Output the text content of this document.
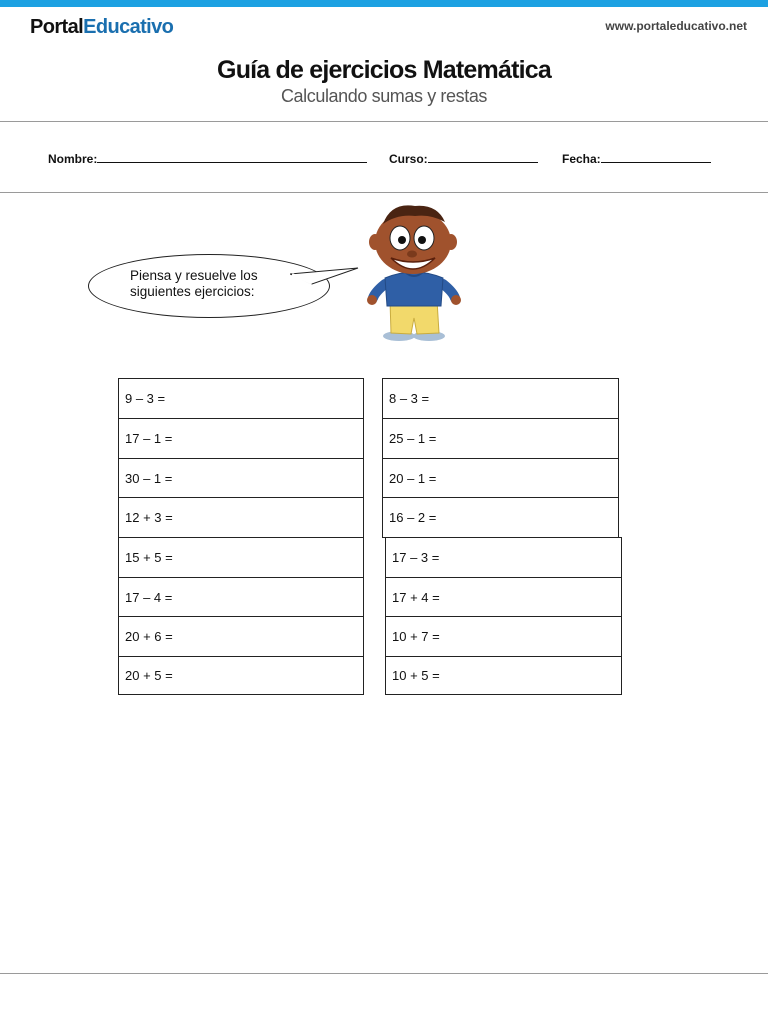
PortalEducativo	www.portaleducativo.net
Guía de ejercicios Matemática
Calculando sumas y restas
Nombre:	Curso:	Fecha:
Piensa y resuelve los
siguientes ejercicios:
9 – 3 =
17 – 1 =
30 – 1 =
12 + 3 =
15 + 5 =
17 – 4 =
20 + 6 =
20 + 5 =
8 – 3 =
25 – 1 =
20 – 1 =
16 – 2 =
17 – 3 =
17 + 4 =
10 + 7 =
10 + 5 =
